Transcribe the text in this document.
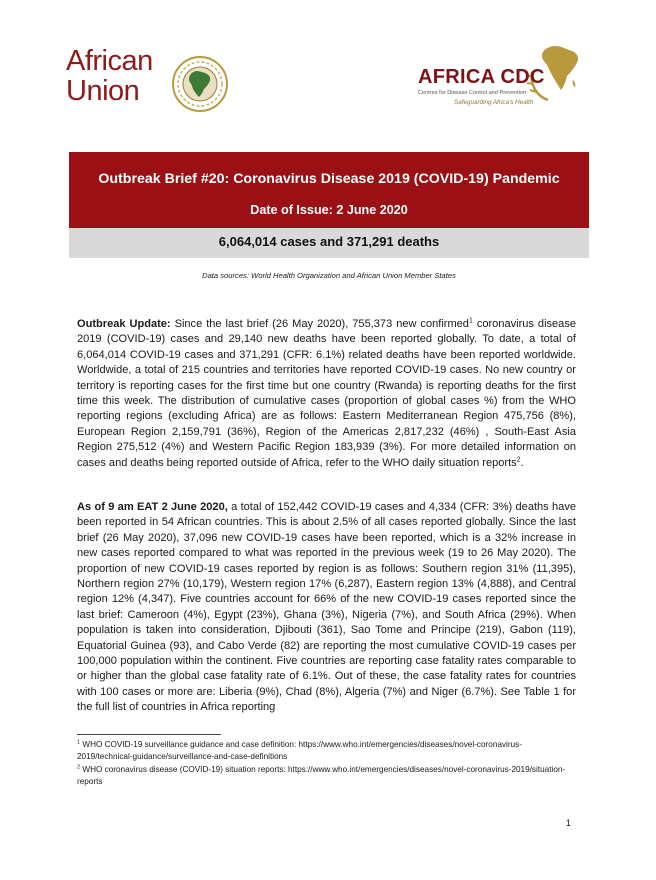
African
Union	AFRICA CDC
Centres for Disease Control and Prevention
Safeguarding Africa's Health
Outbreak Brief #20: Coronavirus Disease 2019 (COVID-19) Pandemic
Date of Issue: 2 June 2020
6,064,014 cases and 371,291 deaths
Data sources: World Health Organization and African Union Member States
Outbreak Update: Since the last brief (26 May 2020), 755,373 new confirmed$^1$ coronavirus disease 2019 (COVID-19) cases and 29,140 new deaths have been reported globally. To date, a total of 6,064,014 COVID-19 cases and 371,291 (CFR: 6.1%) related deaths have been reported worldwide. Worldwide, a total of 215 countries and territories have reported COVID-19 cases. No new country or territory is reporting cases for the first time but one country (Rwanda) is reporting deaths for the first time this week. The distribution of cumulative cases (proportion of global cases %) from the WHO reporting regions (excluding Africa) are as follows: Eastern Mediterranean Region 475,756 (8%), European Region 2,159,791 (36%), Region of the Americas 2,817,232 (46%) , South-East Asia Region 275,512 (4%) and Western Pacific Region 183,939 (3%). For more detailed information on cases and deaths being reported outside of Africa, refer to the WHO daily situation reports$^2$.
As of 9 am EAT 2 June 2020, a total of 152,442 COVID-19 cases and 4,334 (CFR: 3%) deaths have been reported in 54 African countries. This is about 2.5% of all cases reported globally. Since the last brief (26 May 2020), 37,096 new COVID-19 cases have been reported, which is a 32% increase in new cases reported compared to what was reported in the previous week (19 to 26 May 2020). The proportion of new COVID-19 cases reported by region is as follows: Southern region 31% (11,395), Northern region 27% (10,179), Western region 17% (6,287), Eastern region 13% (4,888), and Central region 12% (4,347). Five countries account for 66% of the new COVID-19 cases reported since the last brief: Cameroon (4%), Egypt (23%), Ghana (3%), Nigeria (7%), and South Africa (29%). When population is taken into consideration, Djibouti (361), Sao Tome and Principe (219), Gabon (119), Equatorial Guinea (93), and Cabo Verde (82) are reporting the most cumulative COVID-19 cases per 100,000 population within the continent. Five countries are reporting case fatality rates comparable to or higher than the global case fatality rate of 6.1%. Out of these, the case fatality rates for countries with 100 cases or more are: Liberia (9%), Chad (8%), Algeria (7%) and Niger (6.7%). See Table 1 for the full list of countries in Africa reporting
$^1$ WHO COVID-19 surveillance guidance and case definition: https://www.who.int/emergencies/diseases/novel-coronavirus-2019/technical-guidance/surveillance-and-case-definitions
$^2$ WHO coronavirus disease (COVID-19) situation reports: https://www.who.int/emergencies/diseases/novel-coronavirus-2019/situation-reports
1
